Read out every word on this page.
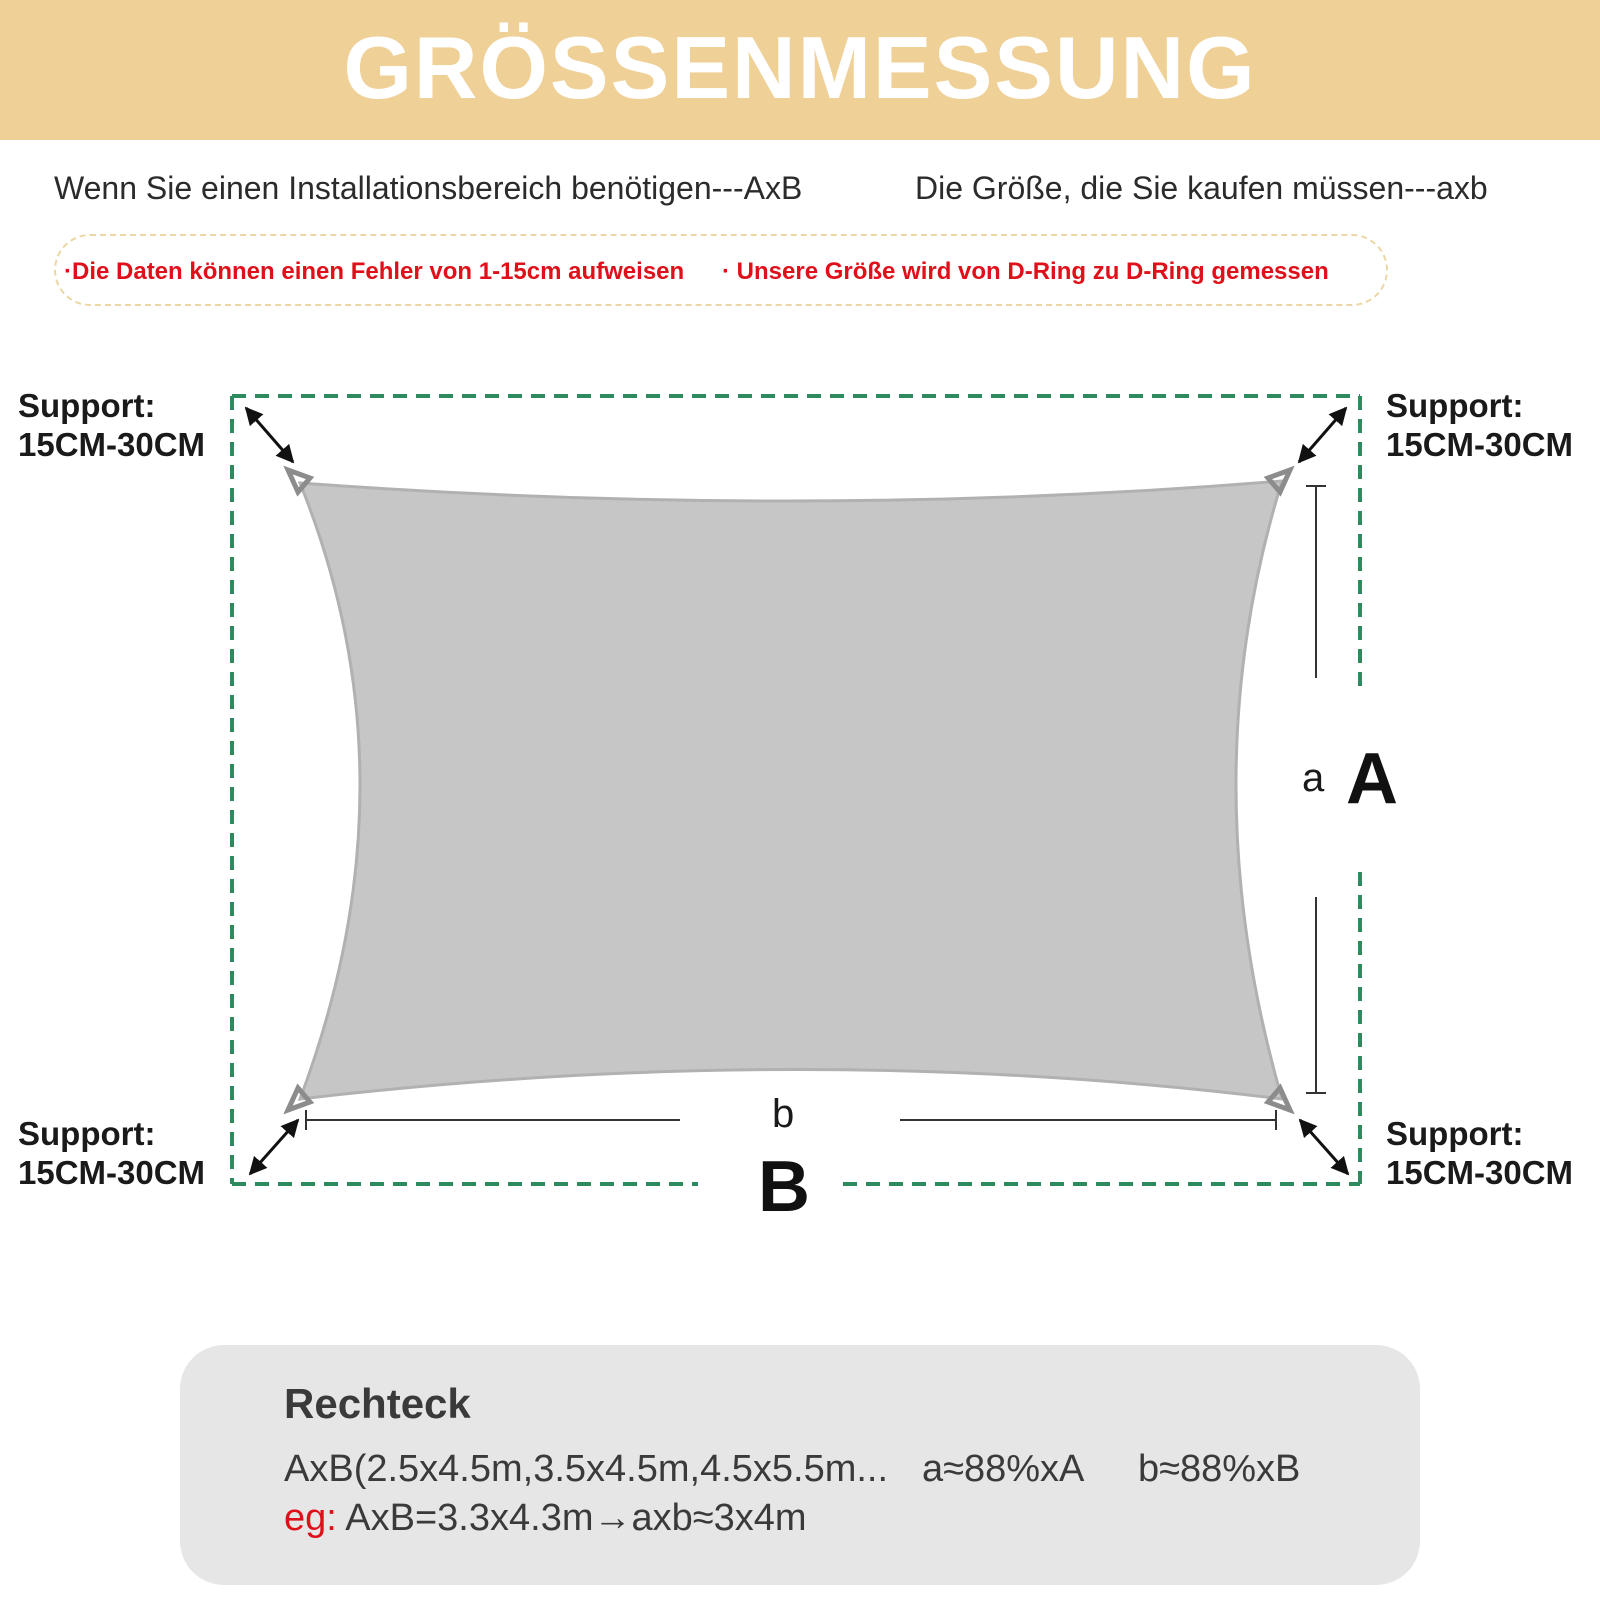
GRÖSSENMESSUNG
Wenn Sie einen Installationsbereich benötigen---AxB	Die Größe, die Sie kaufen müssen---axb
·Die Daten können einen Fehler von 1-15cm aufweisen · Unsere Größe wird von D-Ring zu D-Ring gemessen
Support:
15CM-30CM
Support:
15CM-30CM
Support:
15CM-30CM
Support:
15CM-30CM
a A
b
B
Rechteck
AxB(2.5x4.5m,3.5x4.5m,4.5x5.5m... a≈88%xA b≈88%xB
eg: AxB=3.3x4.3m→axb≈3x4m
